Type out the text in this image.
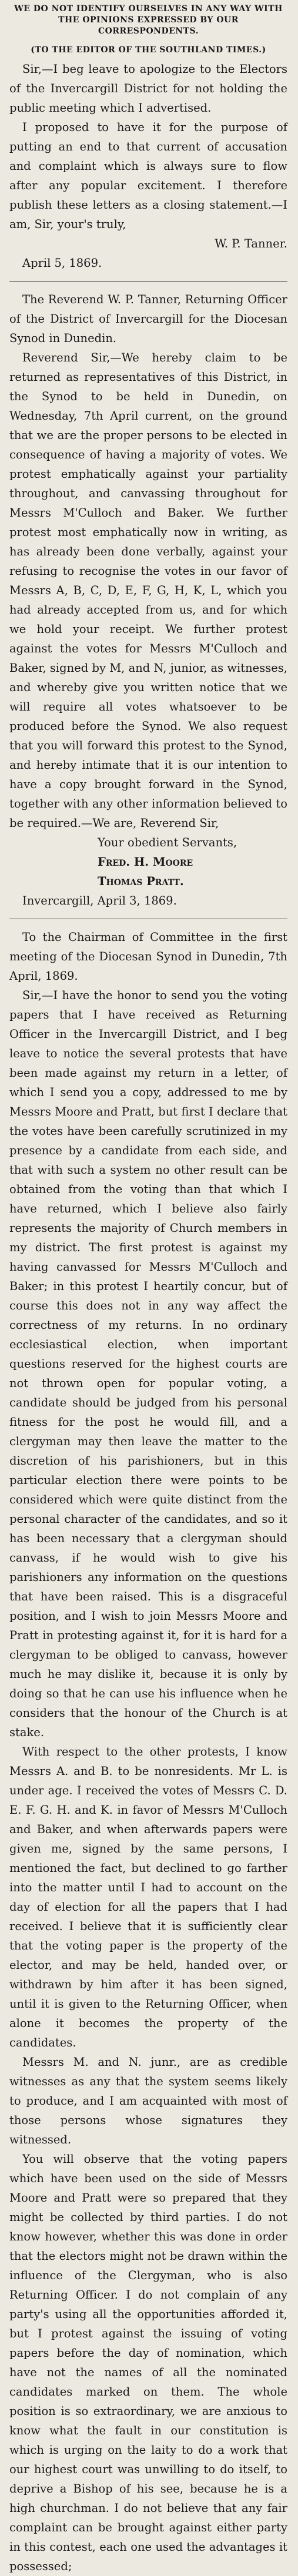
WE DO NOT IDENTIFY OURSELVES IN ANY WAY WITH THE OPINIONS EXPRESSED BY OUR CORRESPONDENTS.
(TO THE EDITOR OF THE SOUTHLAND TIMES.)

Sir,—I beg leave to apologize to the Electors of the Invercargill District for not holding the public meeting which I advertised.

I proposed to have it for the purpose of putting an end to that current of accusation and complaint which is always sure to flow after any popular excitement. I therefore publish these letters as a closing statement.—I am, Sir, your's truly,

W. P. Tanner.

April 5, 1869.

The Reverend W. P. Tanner, Returning Officer of the District of Invercargill for the Diocesan Synod in Dunedin.

Reverend Sir,—We hereby claim to be returned as representatives of this District, in the Synod to be held in Dunedin, on Wednesday, 7th April current, on the ground that we are the proper persons to be elected in consequence of having a majority of votes. We protest emphatically against your partiality throughout, and canvassing throughout for Messrs M'Culloch and Baker. We further protest most emphatically now in writing, as has already been done verbally, against your refusing to recognise the votes in our favor of Messrs A, B, C, D, E, F, G, H, K, L, which you had already accepted from us, and for which we hold your receipt. We further protest against the votes for Messrs M'Culloch and Baker, signed by M, and N, junior, as witnesses, and whereby give you written notice that we will require all votes whatsoever to be produced before the Synod. We also request that you will forward this protest to the Synod, and hereby intimate that it is our intention to have a copy brought forward in the Synod, together with any other information believed to be required.—We are, Reverend Sir,

Your obedient Servants,

Fred. H. Moore

Thomas Pratt.

Invercargill, April 3, 1869.

To the Chairman of Committee in the first meeting of the Diocesan Synod in Dunedin, 7th April, 1869.

Sir,—I have the honor to send you the voting papers that I have received as Returning Officer in the Invercargill District, and I beg leave to notice the several protests that have been made against my return in a letter, of which I send you a copy, addressed to me by Messrs Moore and Pratt, but first I declare that the votes have been carefully scrutinized in my presence by a candidate from each side, and that with such a system no other result can be obtained from the voting than that which I have returned, which I believe also fairly represents the majority of Church members in my district. The first protest is against my having canvassed for Messrs M'Culloch and Baker; in this protest I heartily concur, but of course this does not in any way affect the correctness of my returns. In no ordinary ecclesiastical election, when important questions reserved for the highest courts are not thrown open for popular voting, a candidate should be judged from his personal fitness for the post he would fill, and a clergyman may then leave the matter to the discretion of his parishioners, but in this particular election there were points to be considered which were quite distinct from the personal character of the candidates, and so it has been necessary that a clergyman should canvass, if he would wish to give his parishioners any information on the questions that have been raised. This is a disgraceful position, and I wish to join Messrs Moore and Pratt in protesting against it, for it is hard for a clergyman to be obliged to canvass, however much he may dislike it, because it is only by doing so that he can use his influence when he considers that the honour of the Church is at stake.

With respect to the other protests, I know Messrs A. and B. to be nonresidents. Mr L. is under age. I received the votes of Messrs C. D. E. F. G. H. and K. in favor of Messrs M'Culloch and Baker, and when afterwards papers were given me, signed by the same persons, I mentioned the fact, but declined to go farther into the matter until I had to account on the day of election for all the papers that I had received. I believe that it is sufficiently clear that the voting paper is the property of the elector, and may be held, handed over, or withdrawn by him after it has been signed, until it is given to the Returning Officer, when alone it becomes the property of the candidates.

Messrs M. and N. junr., are as credible witnesses as any that the system seems likely to produce, and I am acquainted with most of those persons whose signatures they witnessed.

You will observe that the voting papers which have been used on the side of Messrs Moore and Pratt were so prepared that they might be collected by third parties. I do not know however, whether this was done in order that the electors might not be drawn within the influence of the Clergyman, who is also Returning Officer. I do not complain of any party's using all the opportunities afforded it, but I protest against the issuing of voting papers before the day of nomination, which have not the names of all the nominated candidates marked on them. The whole position is so extraordinary, we are anxious to know what the fault in our constitution is which is urging on the laity to do a work that our highest court was unwilling to do itself, to deprive a Bishop of his see, because he is a high churchman. I do not believe that any fair complaint can be brought against either party in this contest, each one used the advantages it possessed;
